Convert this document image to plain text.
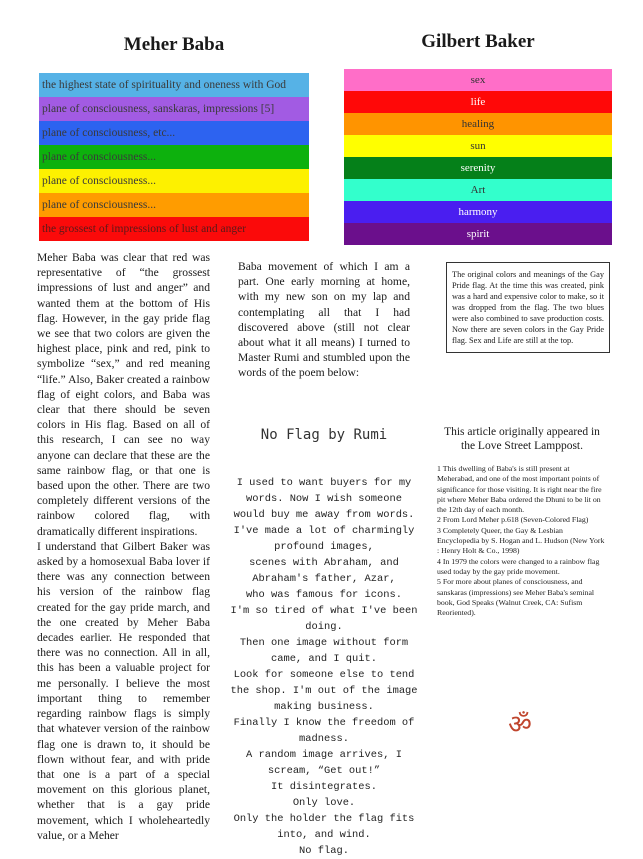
Meher Baba	Gilbert Baker
the highest state of spirituality and oneness with God
plane of consciousness, sanskaras, impressions [5]
plane of consciousness, etc...
plane of consciousness...
plane of consciousness...
plane of consciousness...
the grossest of impressions of lust and anger
sex
life
healing
sun
serenity
Art
harmony
spirit

Meher Baba was clear that red was representative of “the grossest impressions of lust and anger” and wanted them at the bottom of His flag. However, in the gay pride flag we see that two colors are given the highest place, pink and red, pink to symbolize “sex,” and red meaning “life.” Also, Baker created a rainbow flag of eight colors, and Baba was clear that there should be seven colors in His flag. Based on all of this research, I can see no way anyone can declare that these are the same rainbow flag, or that one is based upon the other. There are two completely different versions of the rainbow colored flag, with dramatically different inspirations.

I understand that Gilbert Baker was asked by a homosexual Baba lover if there was any connection between his version of the rainbow flag created for the gay pride march, and the one created by Meher Baba decades earlier. He responded that there was no connection. All in all, this has been a valuable project for me personally. I believe the most important thing to remember regarding rainbow flags is simply that whatever version of the rainbow flag one is drawn to, it should be flown without fear, and with pride that one is a part of a special movement on this glorious planet, whether that is a gay pride movement, which I wholeheartedly value, or a Meher

Baba movement of which I am a part. One early morning at home, with my new son on my lap and contemplating all that I had discovered above (still not clear about what it all means) I turned to Master Rumi and stumbled upon the words of the poem below:
The original colors and meanings of the Gay Pride flag. At the time this was created, pink was a hard and expensive color to make, so it was dropped from the flag. The two blues were also combined to save production costs. Now there are seven colors in the Gay Pride flag. Sex and Life are still at the top.
No Flag by Rumi
I used to want buyers for my
words. Now I wish someone
would buy me away from words.
I've made a lot of charmingly
profound images,
scenes with Abraham, and
Abraham's father, Azar,
who was famous for icons.
I'm so tired of what I've been
doing.
Then one image without form
came, and I quit.
Look for someone else to tend
the shop. I'm out of the image
making business.
Finally I know the freedom of
madness.
A random image arrives, I
scream, “Get out!”
It disintegrates.
Only love.
Only the holder the flag fits
into, and wind.
No flag.
This article originally appeared in the Love Street Lamppost.
1 This dwelling of Baba's is still present at Meherabad, and one of the most important points of significance for those visiting. It is right near the fire pit where Meher Baba ordered the Dhuni to be lit on the 12th day of each month.
2 From Lord Meher p.618 (Seven-Colored Flag)
3 Completely Queer, the Gay & Lesbian Encyclopedia by S. Hogan and L. Hudson (New York : Henry Holt & Co., 1998)
4 In 1979 the colors were changed to a rainbow flag used today by the gay pride movement.
5 For more about planes of consciousness, and sanskaras (impressions) see Meher Baba's seminal book, God Speaks (Walnut Creek, CA: Sufism Reoriented).
ॐ
